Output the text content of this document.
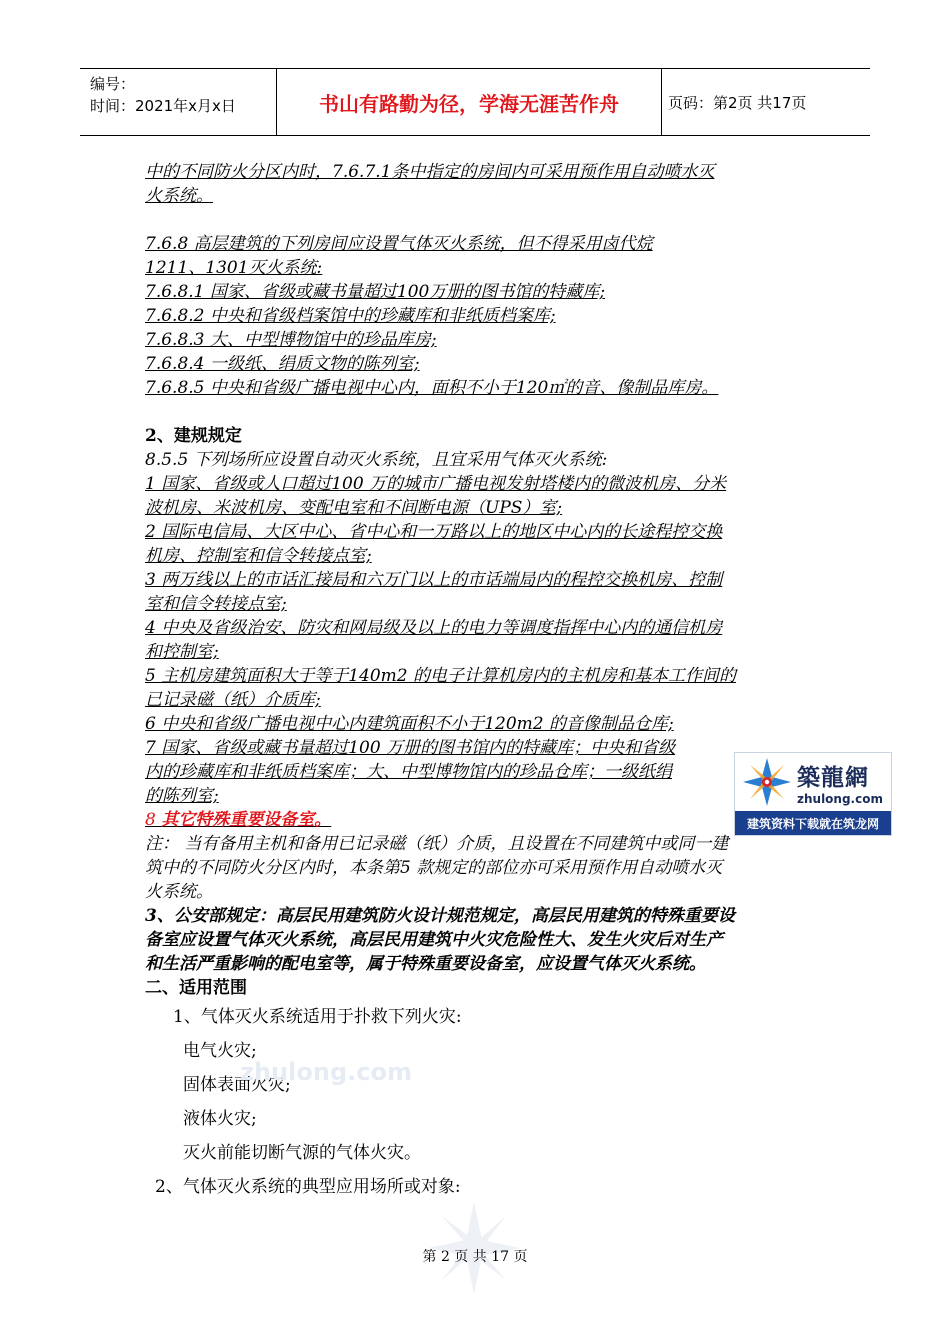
编号：
时间：2021年x月x日	书山有路勤为径，学海无涯苦作舟	页码：第2页 共17页
中的不同防火分区内时，7.6.7.1条中指定的房间内可采用预作用自动喷水灭
火系统。
7.6.8 高层建筑的下列房间应设置气体灭火系统，但不得采用卤代烷
1211、1301灭火系统:
7.6.8.1 国家、省级或藏书量超过100万册的图书馆的特藏库;
7.6.8.2 中央和省级档案馆中的珍藏库和非纸质档案库;
7.6.8.3 大、中型博物馆中的珍品库房;
7.6.8.4 一级纸、绢质文物的陈列室;
7.6.8.5 中央和省级广播电视中心内，面积不小于120㎡的音、像制品库房。
2、建规规定
8.5.5 下列场所应设置自动灭火系统，且宜采用气体灭火系统:
1 国家、省级或人口超过100 万的城市广播电视发射塔楼内的微波机房、分米
波机房、米波机房、变配电室和不间断电源（UPS）室;
2 国际电信局、大区中心、省中心和一万路以上的地区中心内的长途程控交换
机房、控制室和信令转接点室;
3 两万线以上的市话汇接局和六万门以上的市话端局内的程控交换机房、控制
室和信令转接点室;
4 中央及省级治安、防灾和网局级及以上的电力等调度指挥中心内的通信机房
和控制室;
5 主机房建筑面积大于等于140m2 的电子计算机房内的主机房和基本工作间的
已记录磁（纸）介质库;
6 中央和省级广播电视中心内建筑面积不小于120m2 的音像制品仓库;
7 国家、省级或藏书量超过100 万册的图书馆内的特藏库；中央和省级
内的珍藏库和非纸质档案库；大、中型博物馆内的珍品仓库；一级纸绢
的陈列室;
8 其它特殊重要设备室。
注： 当有备用主机和备用已记录磁（纸）介质，且设置在不同建筑中或同一建
筑中的不同防火分区内时，本条第5 款规定的部位亦可采用预作用自动喷水灭
火系统。
3、公安部规定：高层民用建筑防火设计规范规定，高层民用建筑的特殊重要设
备室应设置气体灭火系统，高层民用建筑中火灾危险性大、发生火灾后对生产
和生活严重影响的配电室等，属于特殊重要设备室，应设置气体灭火系统。
二、适用范围
1、气体灭火系统适用于扑救下列火灾:
电气火灾;
固体表面火灾;
液体火灾;
灭火前能切断气源的气体火灾。
2、气体灭火系统的典型应用场所或对象:
zhulong.com
築龍網
zhulong.com
建筑资料下载就在筑龙网
第 2 页 共 17 页
